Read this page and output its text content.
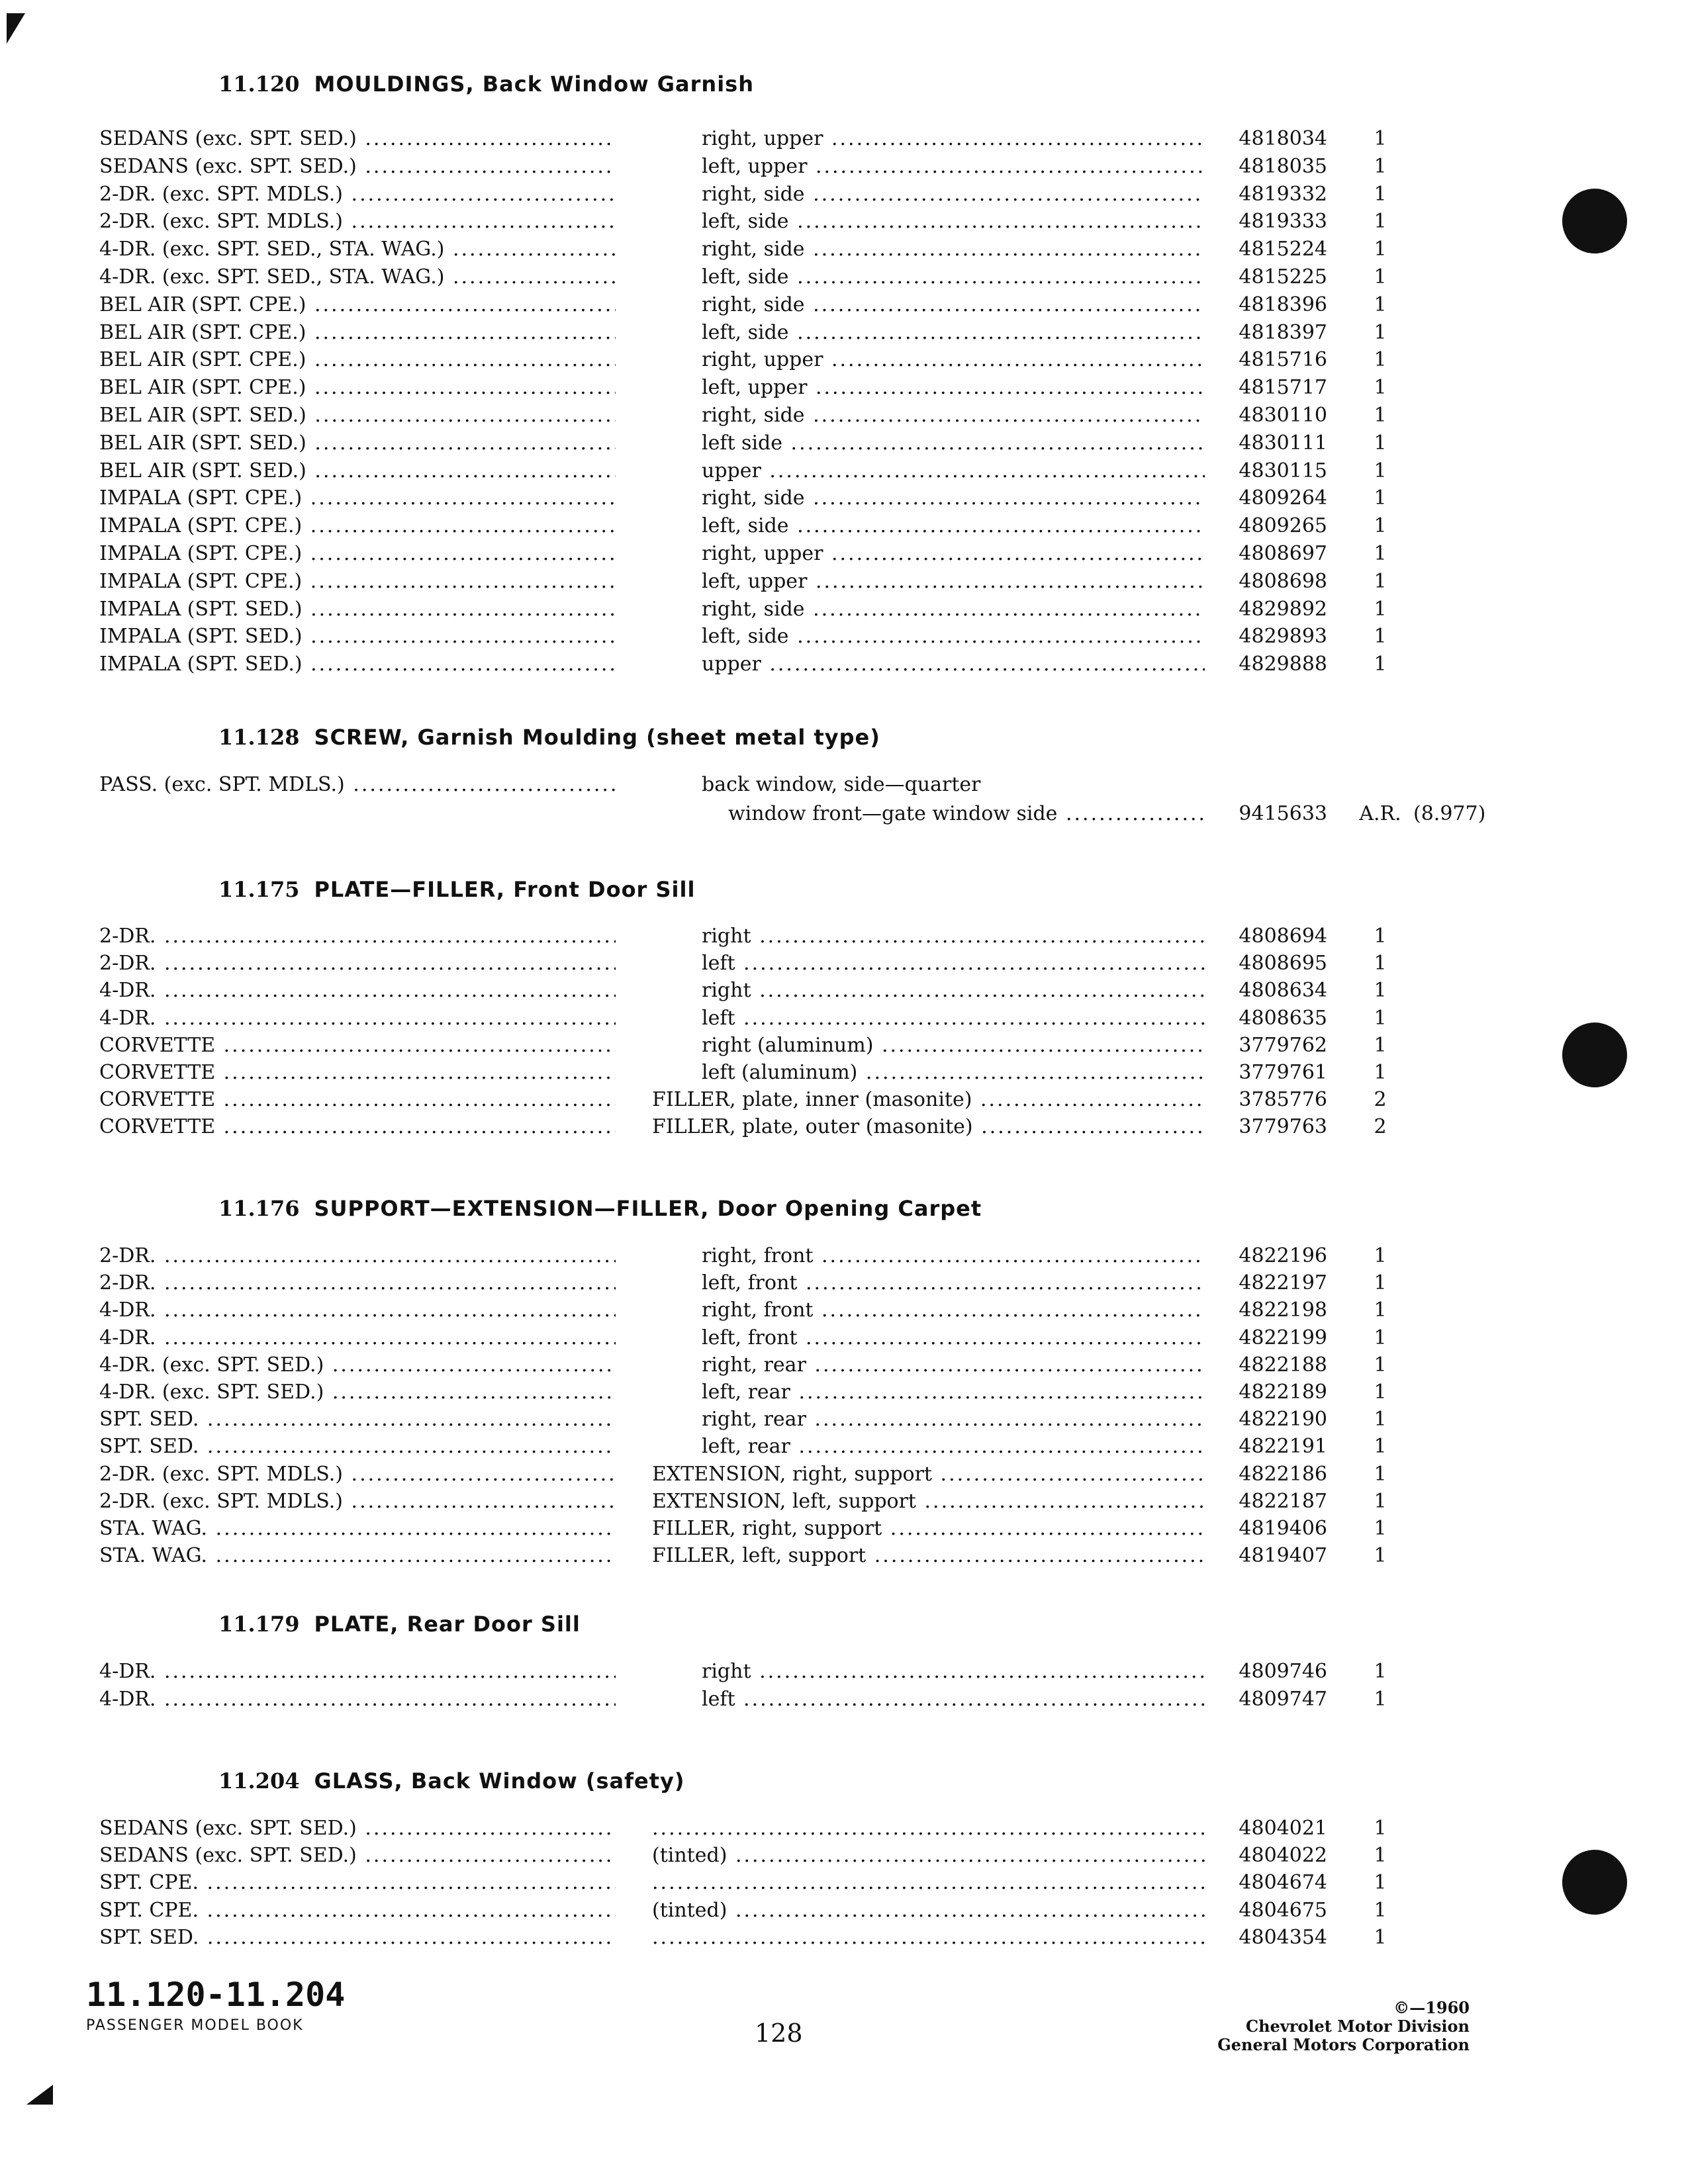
11.120 MOULDINGS, Back Window Garnish
SEDANS (exc. SPT. SED.) .....	right, upper .....	4818034	1
SEDANS (exc. SPT. SED.) .....	left, upper .....	4818035	1
2-DR. (exc. SPT. MDLS.) .....	right, side .....	4819332	1
2-DR. (exc. SPT. MDLS.) .....	left, side .....	4819333	1
4-DR. (exc. SPT. SED., STA. WAG.) .....	right, side .....	4815224	1
4-DR. (exc. SPT. SED., STA. WAG.) .....	left, side .....	4815225	1
BEL AIR (SPT. CPE.) .....	right, side .....	4818396	1
BEL AIR (SPT. CPE.) .....	left, side .....	4818397	1
BEL AIR (SPT. CPE.) .....	right, upper .....	4815716	1
BEL AIR (SPT. CPE.) .....	left, upper .....	4815717	1
BEL AIR (SPT. SED.) .....	right, side .....	4830110	1
BEL AIR (SPT. SED.) .....	left side .....	4830111	1
BEL AIR (SPT. SED.) .....	upper .....	4830115	1
IMPALA (SPT. CPE.) .....	right, side .....	4809264	1
IMPALA (SPT. CPE.) .....	left, side .....	4809265	1
IMPALA (SPT. CPE.) .....	right, upper .....	4808697	1
IMPALA (SPT. CPE.) .....	left, upper .....	4808698	1
IMPALA (SPT. SED.) .....	right, side .....	4829892	1
IMPALA (SPT. SED.) .....	left, side .....	4829893	1
IMPALA (SPT. SED.) .....	upper .....	4829888	1
11.128 SCREW, Garnish Moulding (sheet metal type)
PASS. (exc. SPT. MDLS.) .....	back window, side—quarter
window front—gate window side .....	9415633	A.R. (8.977)
11.175 PLATE—FILLER, Front Door Sill
2-DR. .....	right .....	4808694	1
2-DR. .....	left .....	4808695	1
4-DR. .....	right .....	4808634	1
4-DR. .....	left .....	4808635	1
CORVETTE .....	right (aluminum) .....	3779762	1
CORVETTE .....	left (aluminum) .....	3779761	1
CORVETTE .....	FILLER, plate, inner (masonite) .....	3785776	2
CORVETTE .....	FILLER, plate, outer (masonite) .....	3779763	2
11.176 SUPPORT—EXTENSION—FILLER, Door Opening Carpet
2-DR. .....	right, front .....	4822196	1
2-DR. .....	left, front .....	4822197	1
4-DR. .....	right, front .....	4822198	1
4-DR. .....	left, front .....	4822199	1
4-DR. (exc. SPT. SED.) .....	right, rear .....	4822188	1
4-DR. (exc. SPT. SED.) .....	left, rear .....	4822189	1
SPT. SED. .....	right, rear .....	4822190	1
SPT. SED. .....	left, rear .....	4822191	1
2-DR. (exc. SPT. MDLS.) .....	EXTENSION, right, support .....	4822186	1
2-DR. (exc. SPT. MDLS.) .....	EXTENSION, left, support .....	4822187	1
STA. WAG. .....	FILLER, right, support .....	4819406	1
STA. WAG. .....	FILLER, left, support .....	4819407	1
11.179 PLATE, Rear Door Sill
4-DR. .....	right .....	4809746	1
4-DR. .....	left .....	4809747	1
11.204 GLASS, Back Window (safety)
SEDANS (exc. SPT. SED.) ..... .....	4804021	1
SEDANS (exc. SPT. SED.) .....	(tinted) .....	4804022	1
SPT. CPE. ..... .....	4804674	1
SPT. CPE. .....	(tinted) .....	4804675	1
SPT. SED. ..... .....	4804354	1
11.120-11.204
PASSENGER MODEL BOOK	128
©—1960
Chevrolet Motor Division
General Motors Corporation
